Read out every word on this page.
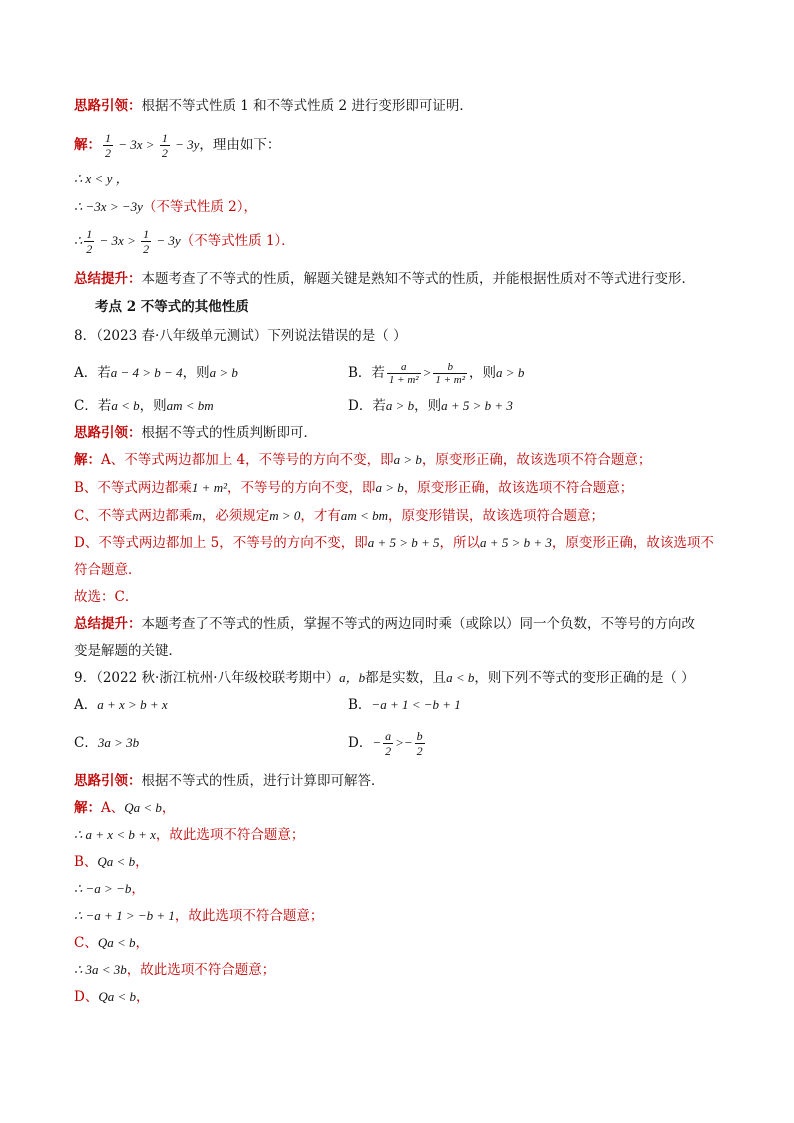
思路引领：根据不等式性质 1 和不等式性质 2 进行变形即可证明．
解： $\frac{1}{2} - 3x > \frac{1}{2} - 3y$，理由如下：
∴ x < y ，
∴ −3x > −3y（不等式性质 2），
∴ $\frac{1}{2} - 3x > \frac{1}{2} - 3y$（不等式性质 1）．
总结提升：本题考查了不等式的性质，解题关键是熟知不等式的性质，并能根据性质对不等式进行变形．
考点 2 不等式的其他性质
8．（2023 春·八年级单元测试）下列说法错误的是（ ）
A．若a − 4 > b − 4，则a > b	B．若 $\frac{a}{\text{1 + m²}} > \frac{b}{\text{1 + m²}}$ ，则a > b
C．若a < b，则am < bm	D．若a > b，则a + 5 > b + 3
思路引领：根据不等式的性质判断即可．
解：A、不等式两边都加上 4，不等号的方向不变，即a > b，原变形正确，故该选项不符合题意；
B、不等式两边都乘1 + m²，不等号的方向不变，即a > b，原变形正确，故该选项不符合题意；
C、不等式两边都乘m，必须规定m > 0，才有am < bm，原变形错误，故该选项符合题意；
D、不等式两边都加上 5，不等号的方向不变，即a + 5 > b + 5，所以a + 5 > b + 3，原变形正确，故该选项不
符合题意．
故选：C．
总结提升：本题考查了不等式的性质，掌握不等式的两边同时乘（或除以）同一个负数，不等号的方向改
变是解题的关键．
9．（2022 秋·浙江杭州·八年级校联考期中）a，b都是实数，且a < b，则下列不等式的变形正确的是（ ）
A．a + x > b + x	B．−a + 1 < −b + 1
C．3a > 3b	D．− $\frac{a}{2} >- \frac{b}{2}$
思路引领：根据不等式的性质，进行计算即可解答．
解：A、Qa < b，
∴ a + x < b + x，故此选项不符合题意；
B、Qa < b，
∴ −a > −b，
∴ −a + 1 > −b + 1，故此选项不符合题意；
C、Qa < b，
∴ 3a < 3b，故此选项不符合题意；
D、Qa < b，
